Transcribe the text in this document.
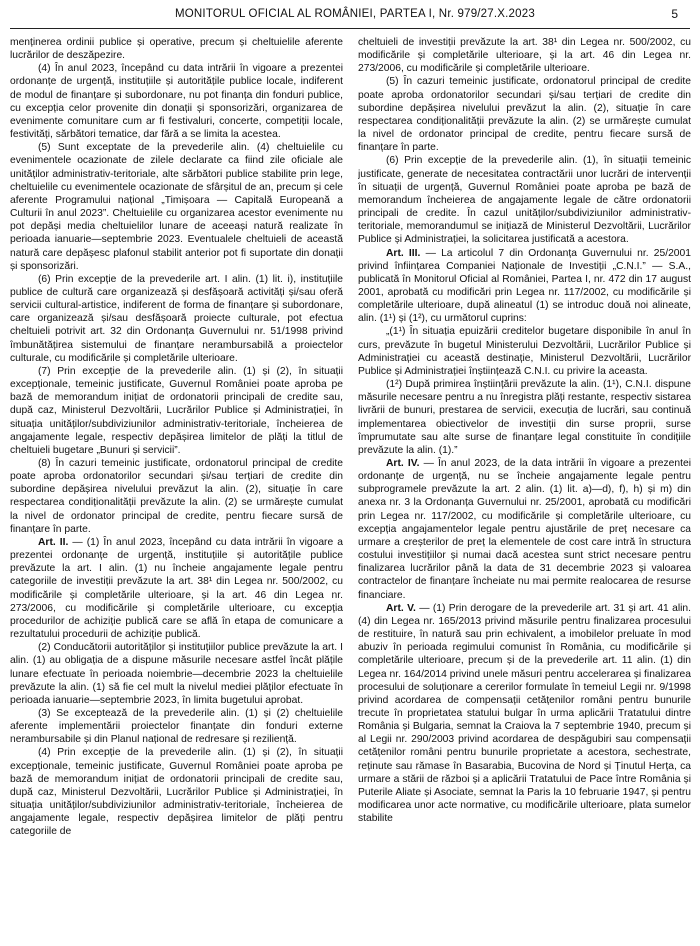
MONITORUL OFICIAL AL ROMÂNIEI, PARTEA I, Nr. 979/27.X.2023	5

menținerea ordinii publice și operative, precum și cheltuielile aferente lucrărilor de deszăpezire.

(4) În anul 2023, începând cu data intrării în vigoare a prezentei ordonanțe de urgență, instituțiile și autoritățile publice locale, indiferent de modul de finanțare și subordonare, nu pot finanța din fonduri publice, cu excepția celor provenite din donații și sponsorizări, organizarea de evenimente comunitare cum ar fi festivaluri, concerte, competiții locale, festivități, sărbători tematice, dar fără a se limita la acestea.

(5) Sunt exceptate de la prevederile alin. (4) cheltuielile cu evenimentele ocazionate de zilele declarate ca fiind zile oficiale ale unităților administrativ-teritoriale, alte sărbători publice stabilite prin lege, cheltuielile cu evenimentele ocazionate de sfârșitul de an, precum și cele aferente Programului național „Timișoara — Capitală Europeană a Culturii în anul 2023”. Cheltuielile cu organizarea acestor evenimente nu pot depăși media cheltuielilor lunare de aceeași natură realizate în perioada ianuarie—septembrie 2023. Eventualele cheltuieli de această natură care depășesc plafonul stabilit anterior pot fi suportate din donații și sponsorizări.

(6) Prin excepție de la prevederile art. I alin. (1) lit. i), instituțiile publice de cultură care organizează și desfășoară activități și/sau oferă servicii cultural-artistice, indiferent de forma de finanțare și subordonare, care organizează și/sau desfășoară proiecte culturale, pot efectua cheltuieli potrivit art. 32 din Ordonanța Guvernului nr. 51/1998 privind îmbunătățirea sistemului de finanțare nerambursabilă a proiectelor culturale, cu modificările și completările ulterioare.

(7) Prin excepție de la prevederile alin. (1) și (2), în situații excepționale, temeinic justificate, Guvernul României poate aproba pe bază de memorandum inițiat de ordonatorii principali de credite sau, după caz, Ministerul Dezvoltării, Lucrărilor Publice și Administrației, în situația unităților/subdiviziunilor administrativ-teritoriale, încheierea de angajamente legale, respectiv depășirea limitelor de plăți la titlul de cheltuieli bugetare „Bunuri și servicii”.

(8) În cazuri temeinic justificate, ordonatorul principal de credite poate aproba ordonatorilor secundari și/sau terțiari de credite din subordine depășirea nivelului prevăzut la alin. (2), situație în care respectarea condiționalității prevăzute la alin. (2) se urmărește cumulat la nivel de ordonator principal de credite, pentru fiecare sursă de finanțare în parte.

Art. II. — (1) În anul 2023, începând cu data intrării în vigoare a prezentei ordonanțe de urgență, instituțiile și autoritățile publice prevăzute la art. I alin. (1) nu încheie angajamente legale pentru categoriile de investiții prevăzute la art. 38¹ din Legea nr. 500/2002, cu modificările și completările ulterioare, și la art. 46 din Legea nr. 273/2006, cu modificările și completările ulterioare, cu excepția procedurilor de achiziție publică care se află în etapa de comunicare a rezultatului procedurii de achiziție publică.

(2) Conducătorii autorităților și instituțiilor publice prevăzute la art. I alin. (1) au obligația de a dispune măsurile necesare astfel încât plățile lunare efectuate în perioada noiembrie—decembrie 2023 la cheltuielile prevăzute la alin. (1) să fie cel mult la nivelul mediei plăților efectuate în perioada ianuarie—septembrie 2023, în limita bugetului aprobat.

(3) Se exceptează de la prevederile alin. (1) și (2) cheltuielile aferente implementării proiectelor finanțate din fonduri externe nerambursabile și din Planul național de redresare și reziliență.

(4) Prin excepție de la prevederile alin. (1) și (2), în situații excepționale, temeinic justificate, Guvernul României poate aproba pe bază de memorandum inițiat de ordonatorii principali de credite sau, după caz, Ministerul Dezvoltării, Lucrărilor Publice și Administrației, în situația unităților/subdiviziunilor administrativ-teritoriale, încheierea de angajamente legale, respectiv depășirea limitelor de plăți pentru categoriile de

cheltuieli de investiții prevăzute la art. 38¹ din Legea nr. 500/2002, cu modificările și completările ulterioare, și la art. 46 din Legea nr. 273/2006, cu modificările și completările ulterioare.

(5) În cazuri temeinic justificate, ordonatorul principal de credite poate aproba ordonatorilor secundari și/sau terțiari de credite din subordine depășirea nivelului prevăzut la alin. (2), situație în care respectarea condiționalității prevăzute la alin. (2) se urmărește cumulat la nivel de ordonator principal de credite, pentru fiecare sursă de finanțare în parte.

(6) Prin excepție de la prevederile alin. (1), în situații temeinic justificate, generate de necesitatea contractării unor lucrări de intervenții în situații de urgență, Guvernul României poate aproba pe bază de memorandum încheierea de angajamente legale de către ordonatorii principali de credite. În cazul unităților/subdiviziunilor administrativ-teritoriale, memorandumul se inițiază de Ministerul Dezvoltării, Lucrărilor Publice și Administrației, la solicitarea justificată a acestora.

Art. III. — La articolul 7 din Ordonanța Guvernului nr. 25/2001 privind înființarea Companiei Naționale de Investiții „C.N.I.” — S.A., publicată în Monitorul Oficial al României, Partea I, nr. 472 din 17 august 2001, aprobată cu modificări prin Legea nr. 117/2002, cu modificările și completările ulterioare, după alineatul (1) se introduc două noi alineate, alin. (1¹) și (1²), cu următorul cuprins:

„(1¹) În situația epuizării creditelor bugetare disponibile în anul în curs, prevăzute în bugetul Ministerului Dezvoltării, Lucrărilor Publice și Administrației cu această destinație, Ministerul Dezvoltării, Lucrărilor Publice și Administrației înștiințează C.N.I. cu privire la aceasta.

(1²) După primirea înștiințării prevăzute la alin. (1¹), C.N.I. dispune măsurile necesare pentru a nu înregistra plăți restante, respectiv sistarea livrării de bunuri, prestarea de servicii, execuția de lucrări, sau continuă implementarea obiectivelor de investiții din surse proprii, surse împrumutate sau alte surse de finanțare legal constituite în condițiile prevăzute la alin. (1).”

Art. IV. — În anul 2023, de la data intrării în vigoare a prezentei ordonanțe de urgență, nu se încheie angajamente legale pentru subprogramele prevăzute la art. 2 alin. (1) lit. a)—d), f), h) și m) din anexa nr. 3 la Ordonanța Guvernului nr. 25/2001, aprobată cu modificări prin Legea nr. 117/2002, cu modificările și completările ulterioare, cu excepția angajamentelor legale pentru ajustările de preț necesare ca urmare a creșterilor de preț la elementele de cost care intră în structura costului investițiilor și numai dacă acestea sunt strict necesare pentru finalizarea lucrărilor până la data de 31 decembrie 2023 și valoarea contractelor de finanțare încheiate nu mai permite realocarea de resurse financiare.

Art. V. — (1) Prin derogare de la prevederile art. 31 și art. 41 alin. (4) din Legea nr. 165/2013 privind măsurile pentru finalizarea procesului de restituire, în natură sau prin echivalent, a imobilelor preluate în mod abuziv în perioada regimului comunist în România, cu modificările și completările ulterioare, precum și de la prevederile art. 11 alin. (1) din Legea nr. 164/2014 privind unele măsuri pentru accelerarea și finalizarea procesului de soluționare a cererilor formulate în temeiul Legii nr. 9/1998 privind acordarea de compensații cetățenilor români pentru bunurile trecute în proprietatea statului bulgar în urma aplicării Tratatului dintre România și Bulgaria, semnat la Craiova la 7 septembrie 1940, precum și al Legii nr. 290/2003 privind acordarea de despăgubiri sau compensații cetățenilor români pentru bunurile proprietate a acestora, sechestrate, reținute sau rămase în Basarabia, Bucovina de Nord și Ținutul Herța, ca urmare a stării de război și a aplicării Tratatului de Pace între România și Puterile Aliate și Asociate, semnat la Paris la 10 februarie 1947, și pentru modificarea unor acte normative, cu modificările ulterioare, plata sumelor stabilite
